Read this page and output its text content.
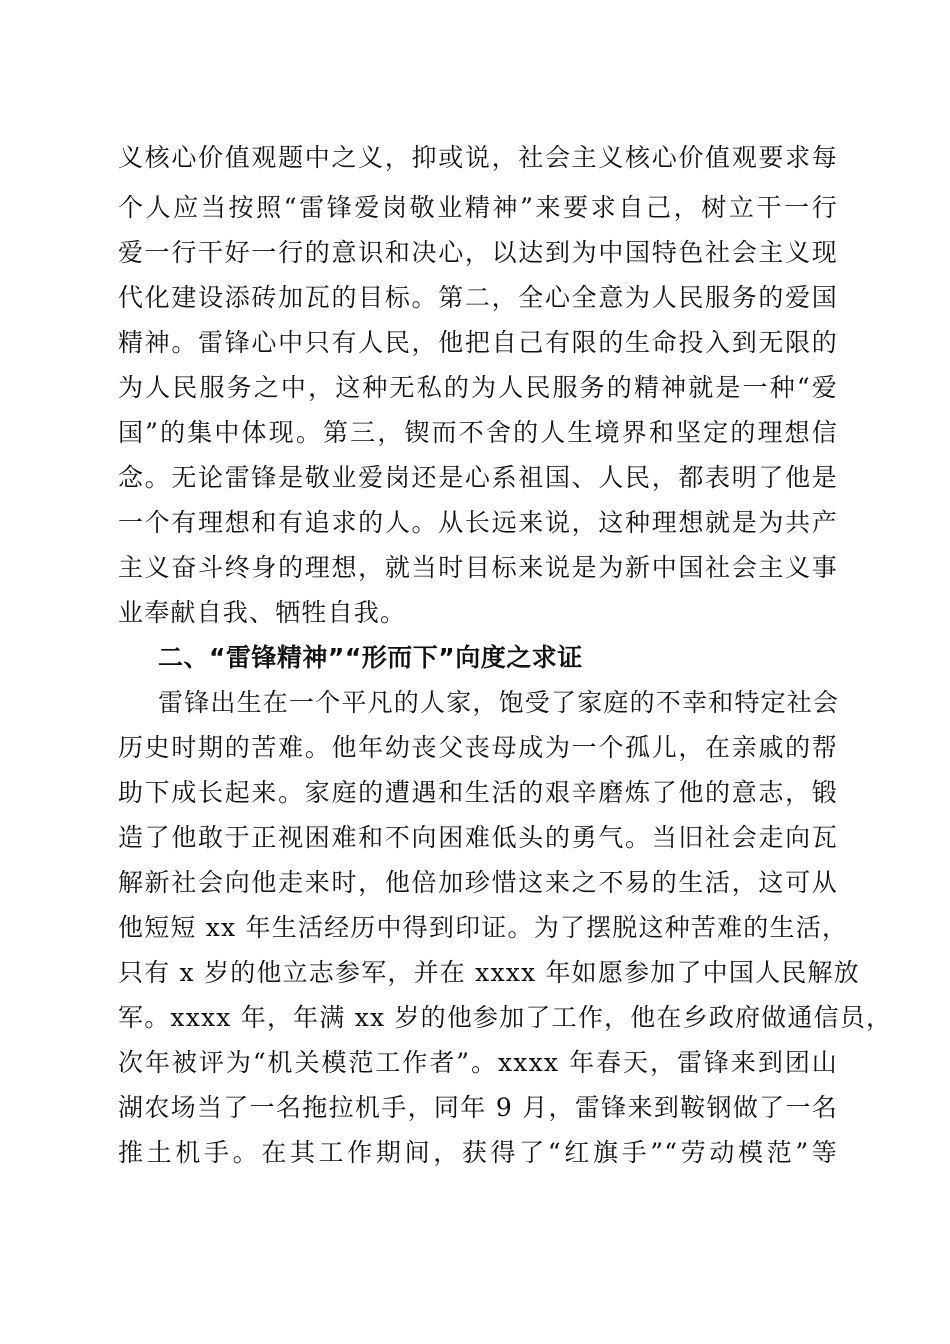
义核心价值观题中之义，抑或说，社会主义核心价值观要求每
个人应当按照“雷锋爱岗敬业精神”来要求自己，树立干一行
爱一行干好一行的意识和决心，以达到为中国特色社会主义现
代化建设添砖加瓦的目标。第二，全心全意为人民服务的爱国
精神。雷锋心中只有人民，他把自己有限的生命投入到无限的
为人民服务之中，这种无私的为人民服务的精神就是一种“爱
国”的集中体现。第三，锲而不舍的人生境界和坚定的理想信
念。无论雷锋是敬业爱岗还是心系祖国、人民，都表明了他是
一个有理想和有追求的人。从长远来说，这种理想就是为共产
主义奋斗终身的理想，就当时目标来说是为新中国社会主义事
业奉献自我、牺牲自我。
二、“雷锋精神”“形而下”向度之求证
雷锋出生在一个平凡的人家，饱受了家庭的不幸和特定社会
历史时期的苦难。他年幼丧父丧母成为一个孤儿，在亲戚的帮
助下成长起来。家庭的遭遇和生活的艰辛磨炼了他的意志，锻
造了他敢于正视困难和不向困难低头的勇气。当旧社会走向瓦
解新社会向他走来时，他倍加珍惜这来之不易的生活，这可从
他短短 xx 年生活经历中得到印证。为了摆脱这种苦难的生活，
只有 x 岁的他立志参军，并在 xxxx 年如愿参加了中国人民解放
军。xxxx 年，年满 xx 岁的他参加了工作，他在乡政府做通信员，
次年被评为“机关模范工作者”。xxxx 年春天，雷锋来到团山
湖农场当了一名拖拉机手，同年 9 月，雷锋来到鞍钢做了一名
推土机手。在其工作期间，获得了“红旗手”“劳动模范”等
